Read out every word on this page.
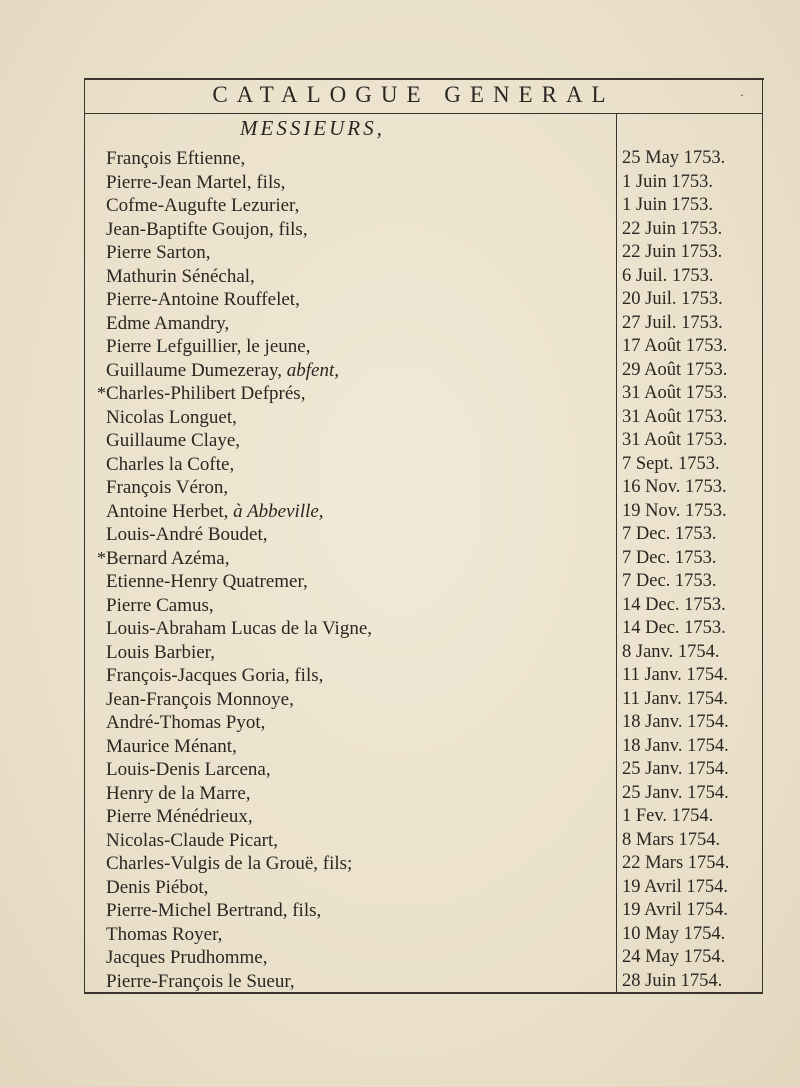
CATALOGUE GENERAL	·
MESSIEURS,
François Eftienne,	25 May 1753.
Pierre-Jean Martel, fils,	1 Juin 1753.
Cofme-Augufte Lezurier,	1 Juin 1753.
Jean-Baptifte Goujon, fils,	22 Juin 1753.
Pierre Sarton,	22 Juin 1753.
Mathurin Sénéchal,	6 Juil. 1753.
Pierre-Antoine Rouffelet,	20 Juil. 1753.
Edme Amandry,	27 Juil. 1753.
Pierre Lefguillier, le jeune,	17 Août 1753.
Guillaume Dumezeray, abfent,	29 Août 1753.
* Charles-Philibert Defprés,	31 Août 1753.
Nicolas Longuet,	31 Août 1753.
Guillaume Claye,	31 Août 1753.
Charles la Cofte,	7 Sept. 1753.
François Véron,	16 Nov. 1753.
Antoine Herbet, à Abbeville,	19 Nov. 1753.
Louis-André Boudet,	7 Dec. 1753.
* Bernard Azéma,	7 Dec. 1753.
Etienne-Henry Quatremer,	7 Dec. 1753.
Pierre Camus,	14 Dec. 1753.
Louis-Abraham Lucas de la Vigne,	14 Dec. 1753.
Louis Barbier,	8 Janv. 1754.
François-Jacques Goria, fils,	11 Janv. 1754.
Jean-François Monnoye,	11 Janv. 1754.
André-Thomas Pyot,	18 Janv. 1754.
Maurice Ménant,	18 Janv. 1754.
Louis-Denis Larcena,	25 Janv. 1754.
Henry de la Marre,	25 Janv. 1754.
Pierre Ménédrieux,	1 Fev. 1754.
Nicolas-Claude Picart,	8 Mars 1754.
Charles-Vulgis de la Grouë, fils;	22 Mars 1754.
Denis Piébot,	19 Avril 1754.
Pierre-Michel Bertrand, fils,	19 Avril 1754.
Thomas Royer,	10 May 1754.
Jacques Prudhomme,	24 May 1754.
Pierre-François le Sueur,	28 Juin 1754.
